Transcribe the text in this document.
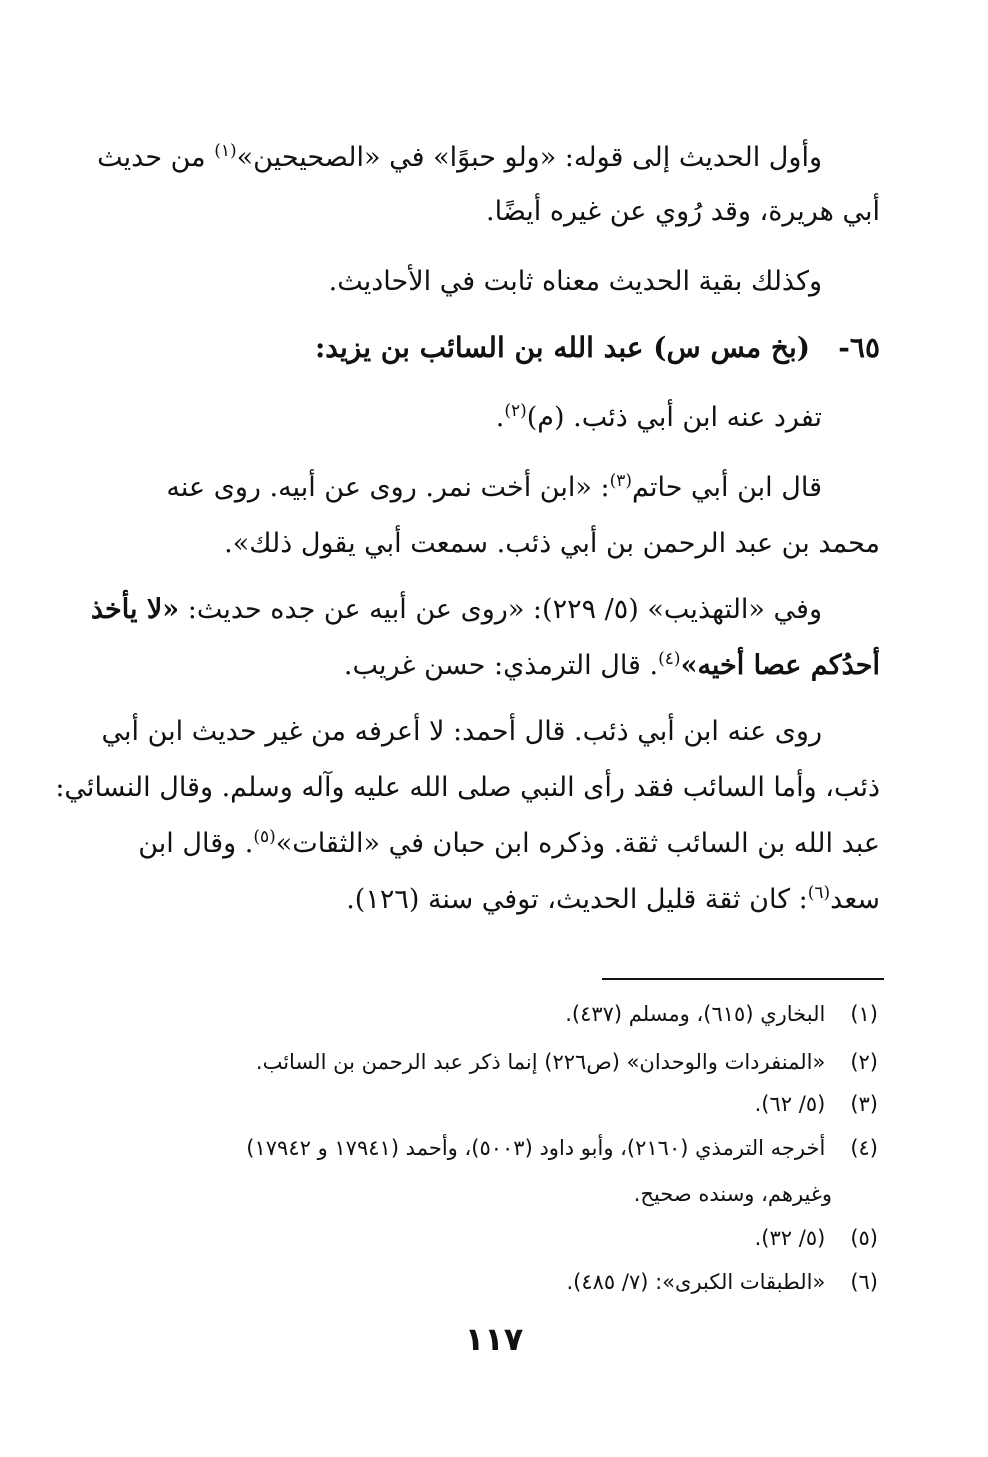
وأول الحديث إلى قوله: «ولو حبوًا» في «الصحيحين»$^{(١)}$ من حديث
أبي هريرة، وقد رُوي عن غيره أيضًا.
وكذلك بقية الحديث معناه ثابت في الأحاديث.
٦٥-
(بخ مس س) عبد الله بن السائب بن يزيد:
تفرد عنه ابن أبي ذئب. (م)$^{(٢)}$.
قال ابن أبي حاتم$^{(٣)}$: «ابن أخت نمر. روى عن أبيه. روى عنه
محمد بن عبد الرحمن بن أبي ذئب. سمعت أبي يقول ذلك».
وفي «التهذيب» (٥/ ٢٢٩): «روى عن أبيه عن جده حديث: «لا يأخذ
أحدُكم عصا أخيه»$^{(٤)}$. قال الترمذي: حسن غريب.
روى عنه ابن أبي ذئب. قال أحمد: لا أعرفه من غير حديث ابن أبي
ذئب، وأما السائب فقد رأى النبي صلى الله عليه وآله وسلم. وقال النسائي:
عبد الله بن السائب ثقة. وذكره ابن حبان في «الثقات»$^{(٥)}$. وقال ابن
سعد$^{(٦)}$: كان ثقة قليل الحديث، توفي سنة (١٢٦).
(١) البخاري (٦١٥)، ومسلم (٤٣٧).
(٢) «المنفردات والوحدان» (ص٢٢٦) إنما ذكر عبد الرحمن بن السائب.
(٣) (٥/ ٦٢).
(٤) أخرجه الترمذي (٢١٦٠)، وأبو داود (٥٠٠٣)، وأحمد (١٧٩٤١ و ١٧٩٤٢)
وغيرهم، وسنده صحيح.
(٥) (٥/ ٣٢).
(٦) «الطبقات الكبرى»: (٧/ ٤٨٥).
١١٧
